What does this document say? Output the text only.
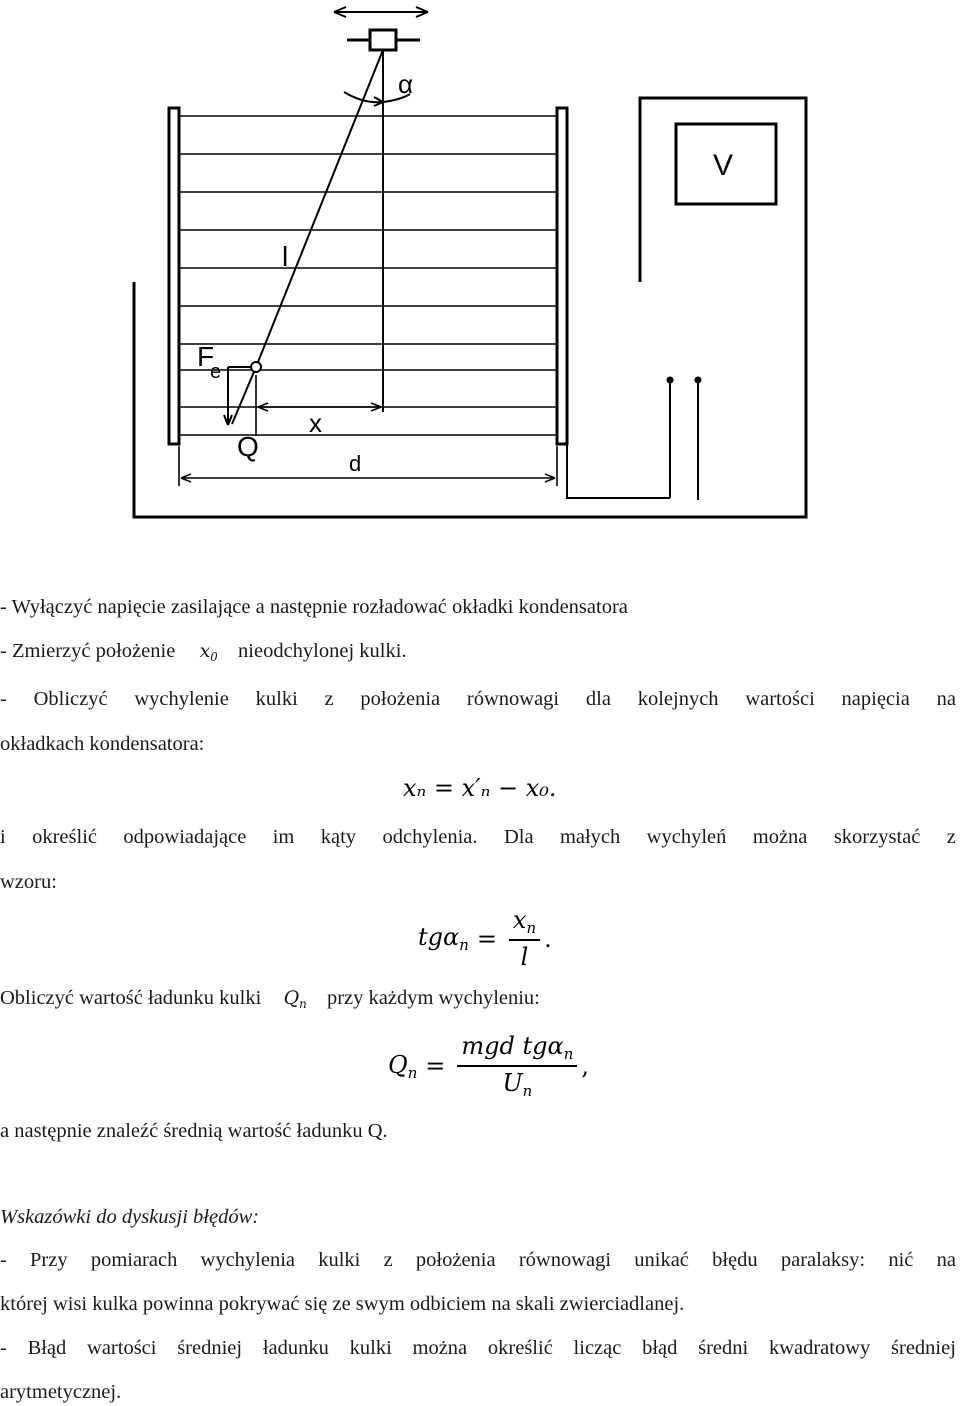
α
V
l
F
e
x
Q
d
- Wyłączyć napięcie zasilające a następnie rozładować okładki kondensatora
- Zmierzyć położenie $x_0$ nieodchylonej kulki.
- Obliczyć wychylenie kulki z położenia równowagi dla kolejnych wartości napięcia na
okładkach kondensatora:
xₙ = x′ₙ − x₀.
i określić odpowiadające im kąty odchylenia. Dla małych wychyleń można skorzystać z
wzoru:
$tg\alpha_n = \frac{x_n}{l}$ .
Obliczyć wartość ładunku kulki $Q_n$ przy każdym wychyleniu:
$Q_n = \frac{mgd tg\alpha_n}{U_n}$ ,
a następnie znaleźć średnią wartość ładunku Q.
Wskazówki do dyskusji błędów:
- Przy pomiarach wychylenia kulki z położenia równowagi unikać błędu paralaksy: nić na
której wisi kulka powinna pokrywać się ze swym odbiciem na skali zwierciadlanej.
- Błąd wartości średniej ładunku kulki można określić licząc błąd średni kwadratowy średniej
arytmetycznej.
